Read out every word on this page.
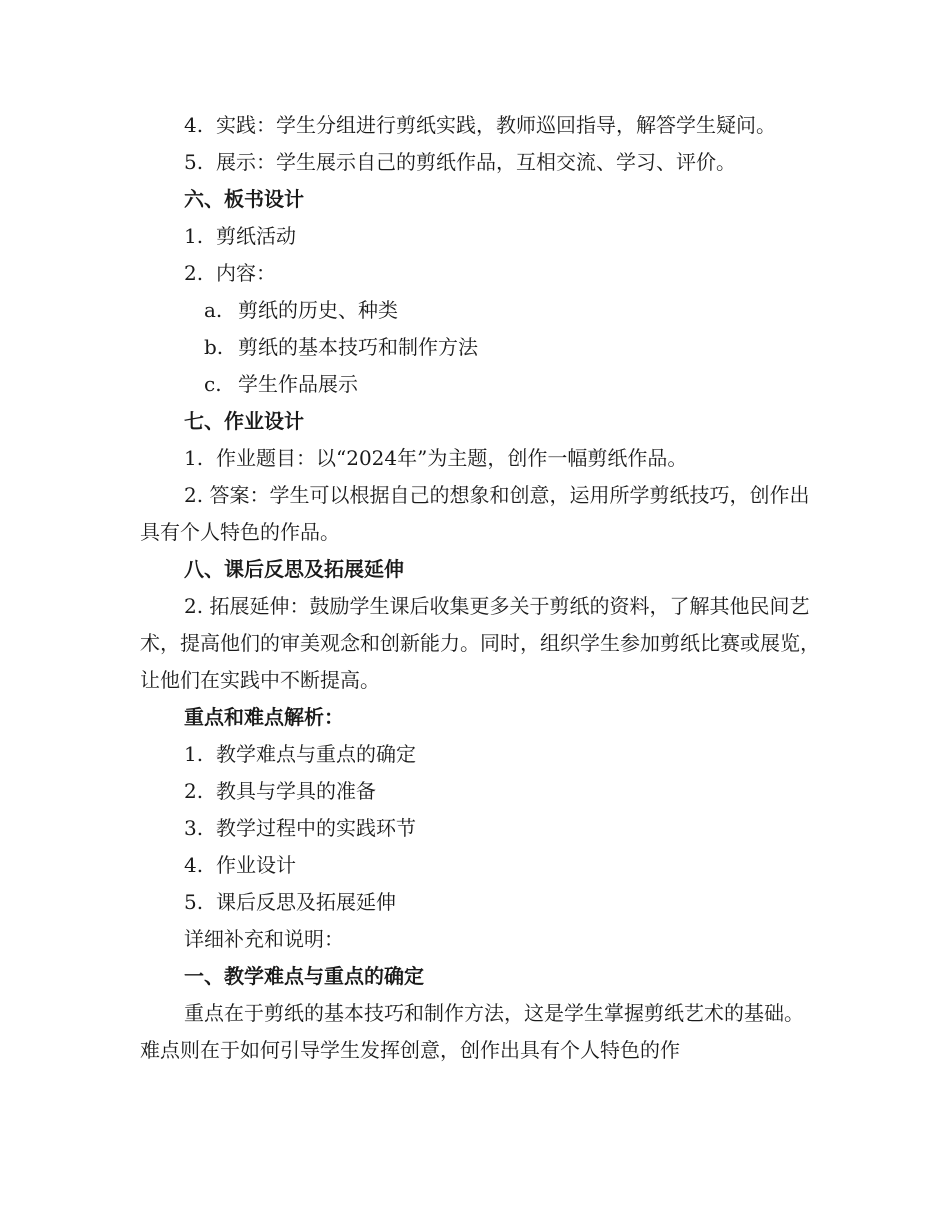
4. 实践：学生分组进行剪纸实践，教师巡回指导，解答学生疑问。
5. 展示：学生展示自己的剪纸作品，互相交流、学习、评价。
六、板书设计
1. 剪纸活动
2. 内容：
a. 剪纸的历史、种类
b. 剪纸的基本技巧和制作方法
c. 学生作品展示
七、作业设计
1. 作业题目：以“2024年”为主题，创作一幅剪纸作品。

2. 答案：学生可以根据自己的想象和创意，运用所学剪纸技巧，创作出具有个人特色的作品。

八、课后反思及拓展延伸

2. 拓展延伸：鼓励学生课后收集更多关于剪纸的资料，了解其他民间艺术，提高他们的审美观念和创新能力。同时，组织学生参加剪纸比赛或展览，让他们在实践中不断提高。

重点和难点解析：
1. 教学难点与重点的确定
2. 教具与学具的准备
3. 教学过程中的实践环节
4. 作业设计
5. 课后反思及拓展延伸
详细补充和说明：
一、教学难点与重点的确定

重点在于剪纸的基本技巧和制作方法，这是学生掌握剪纸艺术的基础。难点则在于如何引导学生发挥创意，创作出具有个人特色的作
